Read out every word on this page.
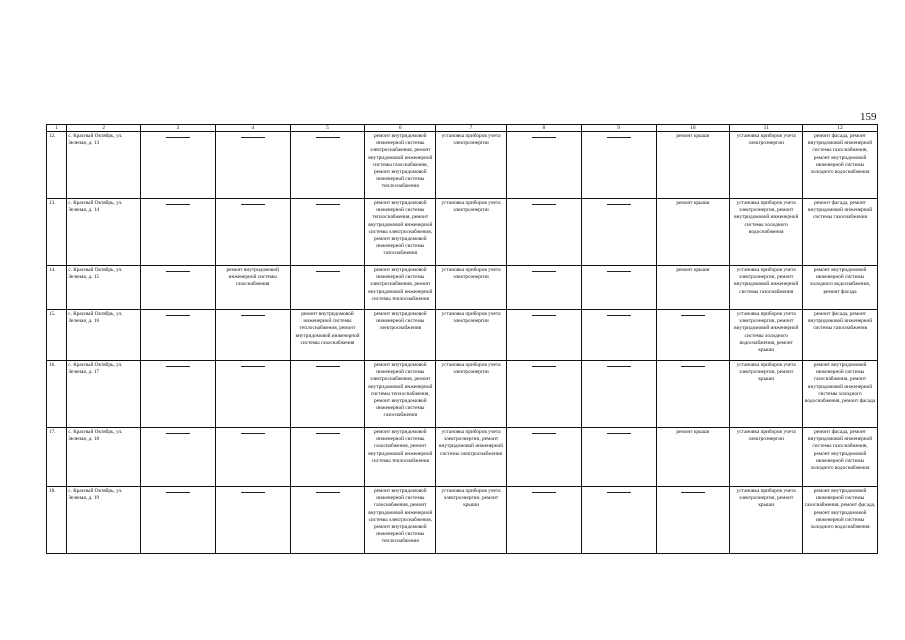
159
1	2	3	4	5	6	7	8	9	10	11	12
12.	с. Красный Октябрь, ул. Зеленая, д. 13				ремонт внутридомовой инженерной системы электроснабжения, ремонт внутридомовой инженерной системы газоснабжения, ремонт внутридомовой инженерной системы теплоснабжения	установка приборов учета электроэнергии			ремонт крыши	установка приборов учета электроэнергии	ремонт фасада, ремонт внутридомовой инженерной системы газоснабжения, ремонт внутридомовой инженерной системы холодного водоснабжения
13.	с. Красный Октябрь, ул. Зеленая, д. 14				ремонт внутридомовой инженерной системы теплоснабжения, ремонт внутридомовой инженерной системы электроснабжения, ремонт внутридомовой инженерной системы газоснабжения	установка приборов учета электроэнергии			ремонт крыши	установка приборов учета электроэнергии, ремонт внутридомовой инженерной системы холодного водоснабжения	ремонт фасада, ремонт внутридомовой инженерной системы газоснабжения
14.	с. Красный Октябрь, ул. Зеленая, д. 15		ремонт внутридомовой инженерной системы газоснабжения		ремонт внутридомовой инженерной системы электроснабжения, ремонт внутридомовой инженерной системы теплоснабжения	установка приборов учета электроэнергии			ремонт крыши	установка приборов учета электроэнергии, ремонт внутридомовой инженерной системы газоснабжения	ремонт внутридомовой инженерной системы холодного водоснабжения, ремонт фасада
15.	с. Красный Октябрь, ул. Зеленая, д. 16			ремонт внутридомовой инженерной системы теплоснабжения, ремонт внутридомовой инженерной системы газоснабжения	ремонт внутридомовой инженерной системы электроснабжения	установка приборов учета электроэнергии				установка приборов учета электроэнергии, ремонт внутридомовой инженерной системы холодного водоснабжения, ремонт крыши	ремонт фасада, ремонт внутридомовой инженерной системы газоснабжения
16.	с. Красный Октябрь, ул. Зеленая, д. 17				ремонт внутридомовой инженерной системы электроснабжения, ремонт внутридомовой инженерной системы теплоснабжения, ремонт внутридомовой инженерной системы газоснабжения	установка приборов учета электроэнергии				установка приборов учета электроэнергии, ремонт крыши	ремонт внутридомовой инженерной системы газоснабжения, ремонт внутридомовой инженерной системы холодного водоснабжения, ремонт фасада
17.	с. Красный Октябрь, ул. Зеленая, д. 18				ремонт внутридомовой инженерной системы газоснабжения, ремонт внутридомовой инженерной системы теплоснабжения	установка приборов учета электроэнергии, ремонт внутридомовой инженерной системы электроснабжения			ремонт крыши	установка приборов учета электроэнергии	ремонт фасада, ремонт внутридомовой инженерной системы газоснабжения, ремонт внутридомовой инженерной системы холодного водоснабжения
18.	с. Красный Октябрь, ул. Зеленая, д. 19				ремонт внутридомовой инженерной системы газоснабжения, ремонт внутридомовой инженерной системы электроснабжения, ремонт внутридомовой инженерной системы теплоснабжения	установка приборов учета электроэнергии, ремонт крыши				установка приборов учета электроэнергии, ремонт крыши	ремонт внутридомовой инженерной системы газоснабжения, ремонт фасада, ремонт внутридомовой инженерной системы холодного водоснабжения
